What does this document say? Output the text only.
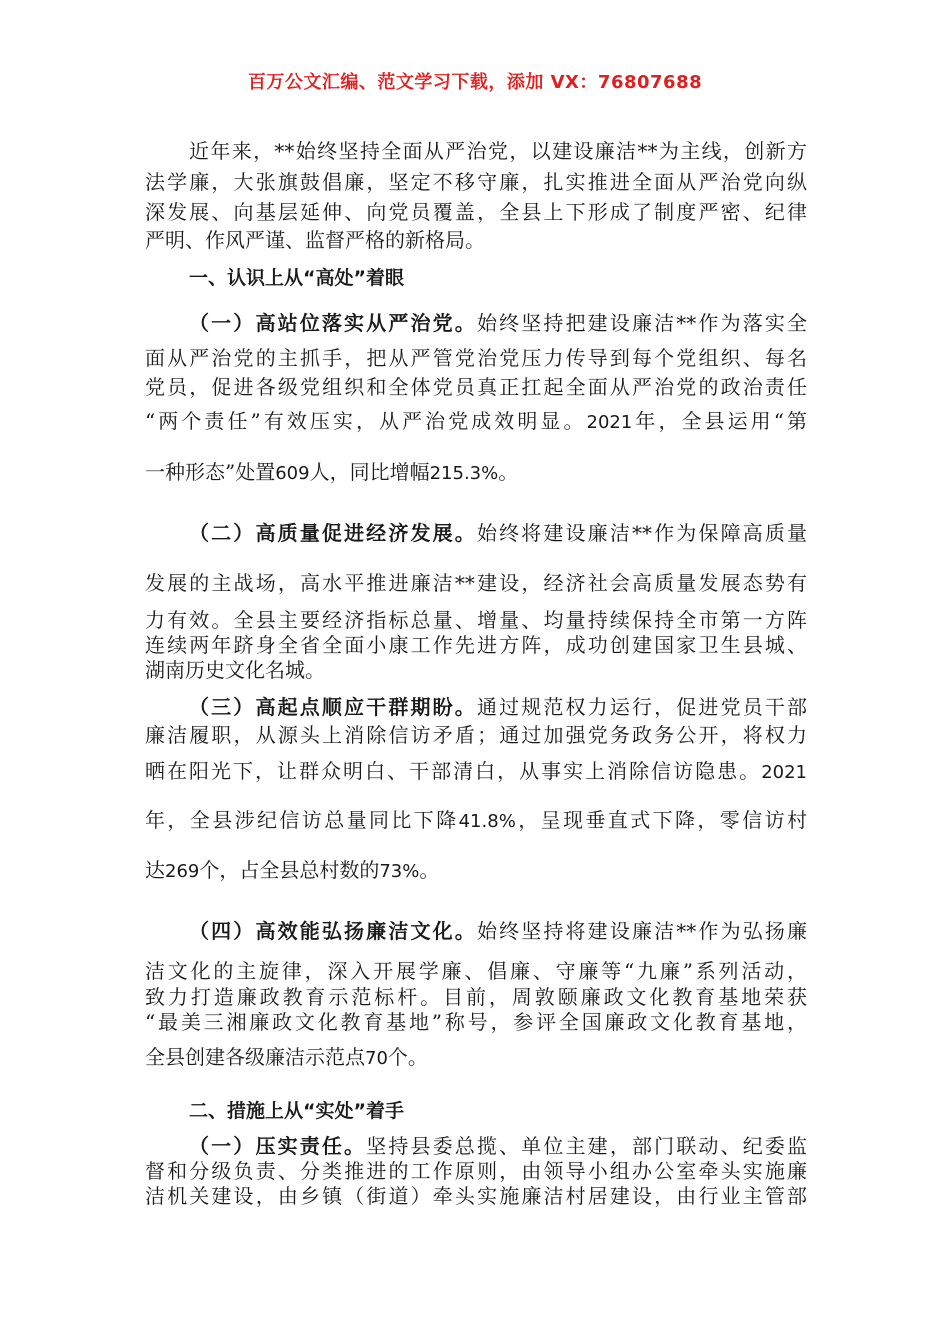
百万公文汇编、范文学习下载，添加 VX：76807688
近年来，**始终坚持全面从严治党，以建设廉洁**为主线，创新方
法学廉，大张旗鼓倡廉，坚定不移守廉，扎实推进全面从严治党向纵
深发展、向基层延伸、向党员覆盖，全县上下形成了制度严密、纪律
严明、作风严谨、监督严格的新格局。
一、认识上从“高处”着眼
（一）高站位落实从严治党。始终坚持把建设廉洁**作为落实全
面从严治党的主抓手，把从严管党治党压力传导到每个党组织、每名
党员，促进各级党组织和全体党员真正扛起全面从严治党的政治责任
“两个责任”有效压实，从严治党成效明显。2021年，全县运用“第
一种形态”处置609人，同比增幅215.3%。
（二）高质量促进经济发展。始终将建设廉洁**作为保障高质量
发展的主战场，高水平推进廉洁**建设，经济社会高质量发展态势有
力有效。全县主要经济指标总量、增量、均量持续保持全市第一方阵
连续两年跻身全省全面小康工作先进方阵，成功创建国家卫生县城、
湖南历史文化名城。
（三）高起点顺应干群期盼。通过规范权力运行，促进党员干部
廉洁履职，从源头上消除信访矛盾；通过加强党务政务公开，将权力
晒在阳光下，让群众明白、干部清白，从事实上消除信访隐患。2021
年，全县涉纪信访总量同比下降41.8%，呈现垂直式下降，零信访村
达269个，占全县总村数的73%。
（四）高效能弘扬廉洁文化。始终坚持将建设廉洁**作为弘扬廉
洁文化的主旋律，深入开展学廉、倡廉、守廉等“九廉”系列活动，
致力打造廉政教育示范标杆。目前，周敦颐廉政文化教育基地荣获
“最美三湘廉政文化教育基地”称号，参评全国廉政文化教育基地，
全县创建各级廉洁示范点70个。
二、措施上从“实处”着手
（一）压实责任。坚持县委总揽、单位主建，部门联动、纪委监
督和分级负责、分类推进的工作原则，由领导小组办公室牵头实施廉
洁机关建设，由乡镇（街道）牵头实施廉洁村居建设，由行业主管部
